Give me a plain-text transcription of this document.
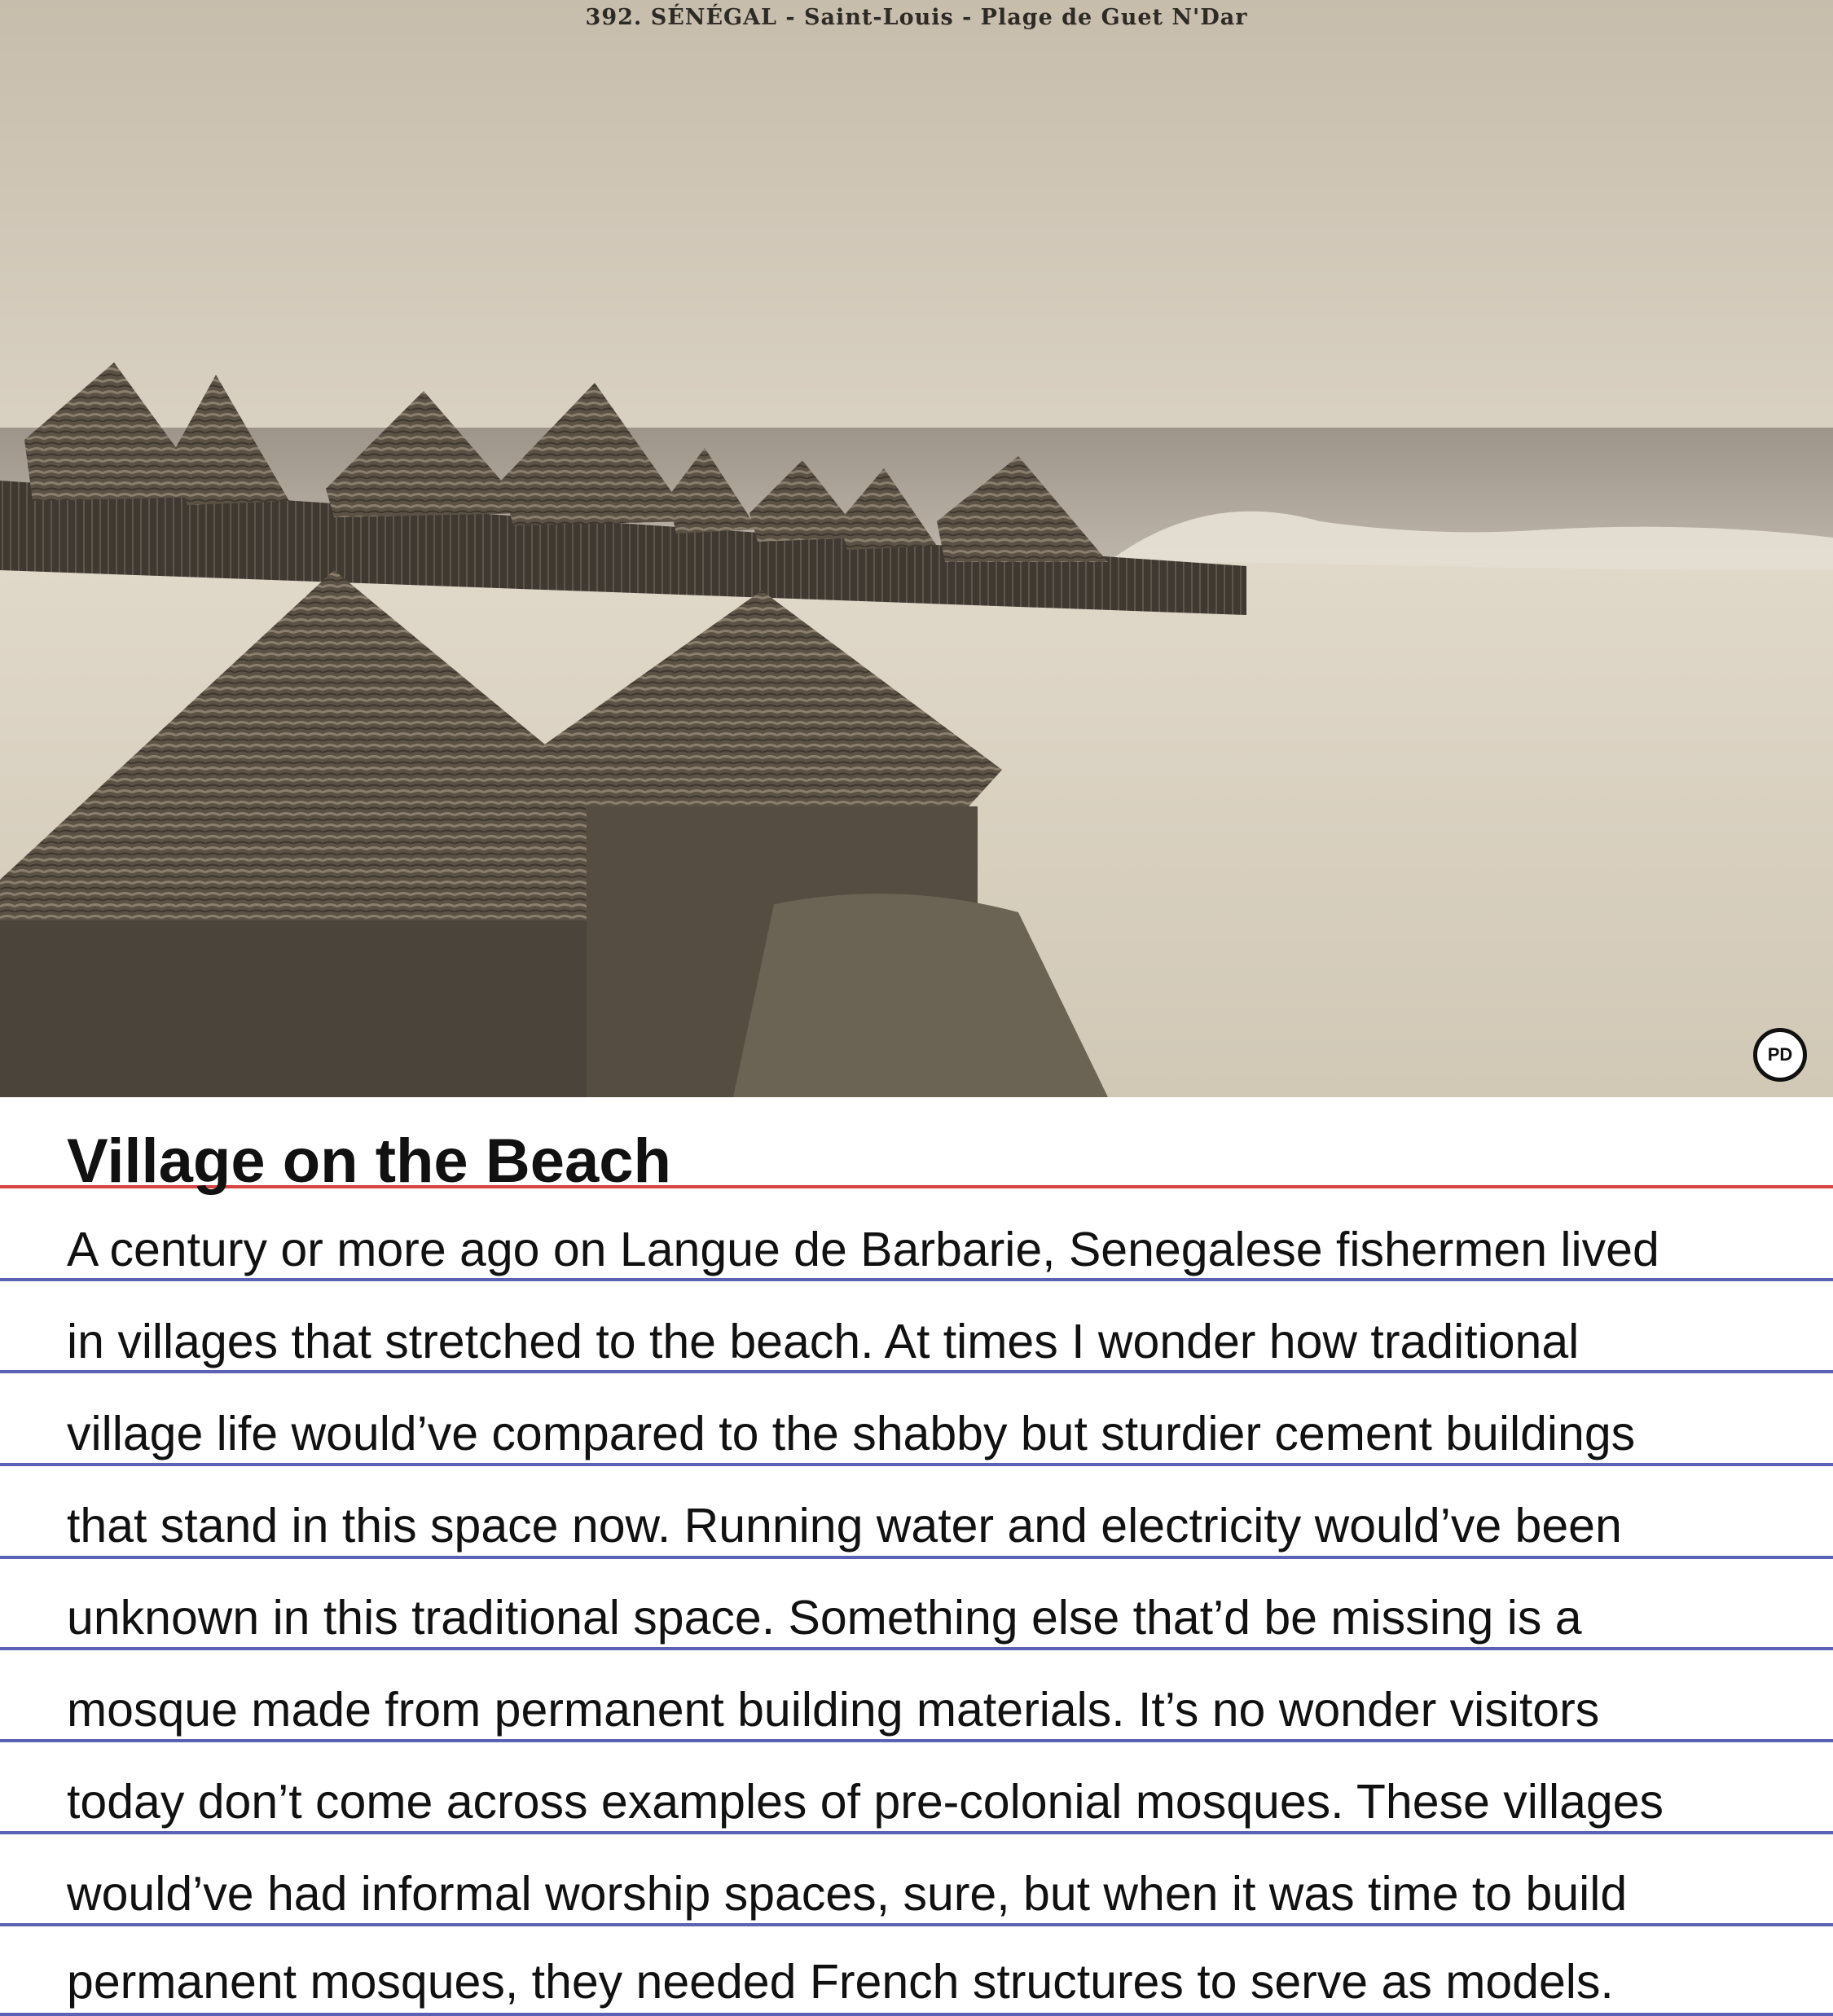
392. SÉNÉGAL - Saint-Louis - Plage de Guet N'Dar
PD
Village on the Beach
A century or more ago on Langue de Barbarie, Senegalese fishermen lived
in villages that stretched to the beach. At times I wonder how traditional
village life would’ve compared to the shabby but sturdier cement buildings
that stand in this space now. Running water and electricity would’ve been
unknown in this traditional space. Something else that’d be missing is a
mosque made from permanent building materials. It’s no wonder visitors
today don’t come across examples of pre-colonial mosques. These villages
would’ve had informal worship spaces, sure, but when it was time to build
permanent mosques, they needed French structures to serve as models.
